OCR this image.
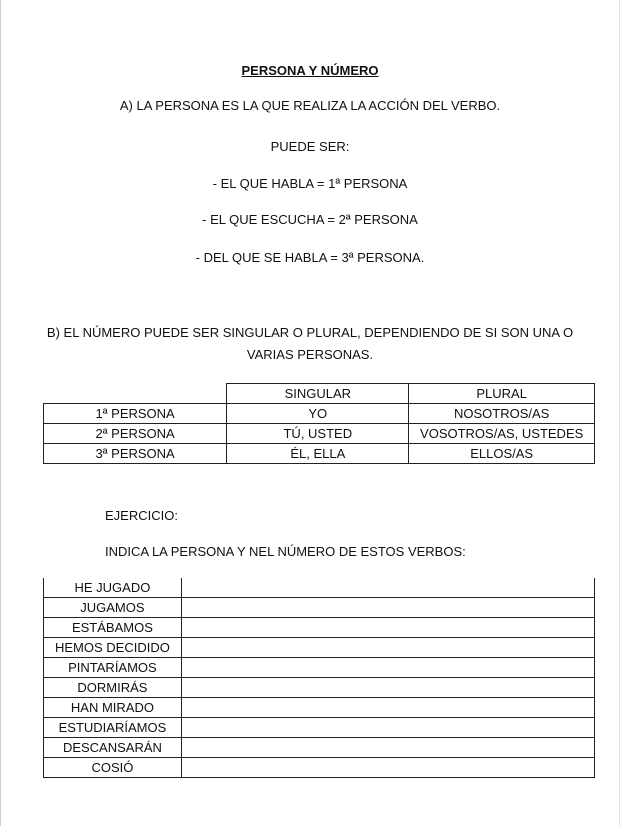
PERSONA Y NÚMERO
A) LA PERSONA ES LA QUE REALIZA LA ACCIÓN DEL VERBO.
PUEDE SER:
- EL QUE HABLA = 1ª PERSONA
- EL QUE ESCUCHA = 2ª PERSONA
- DEL QUE SE HABLA = 3ª PERSONA.
B) EL NÚMERO PUEDE SER SINGULAR O PLURAL, DEPENDIENDO DE SI SON UNA O
VARIAS PERSONAS.
	SINGULAR	PLURAL
1ª PERSONA	YO	NOSOTROS/AS
2ª PERSONA	TÚ, USTED	VOSOTROS/AS, USTEDES
3ª PERSONA	ÉL, ELLA	ELLOS/AS
EJERCICIO:
INDICA LA PERSONA Y NEL NÚMERO DE ESTOS VERBOS:
HE JUGADO	
JUGAMOS	
ESTÁBAMOS	
HEMOS DECIDIDO	
PINTARÍAMOS	
DORMIRÁS	
HAN MIRADO	
ESTUDIARÍAMOS	
DESCANSARÁN	
COSIÓ	
